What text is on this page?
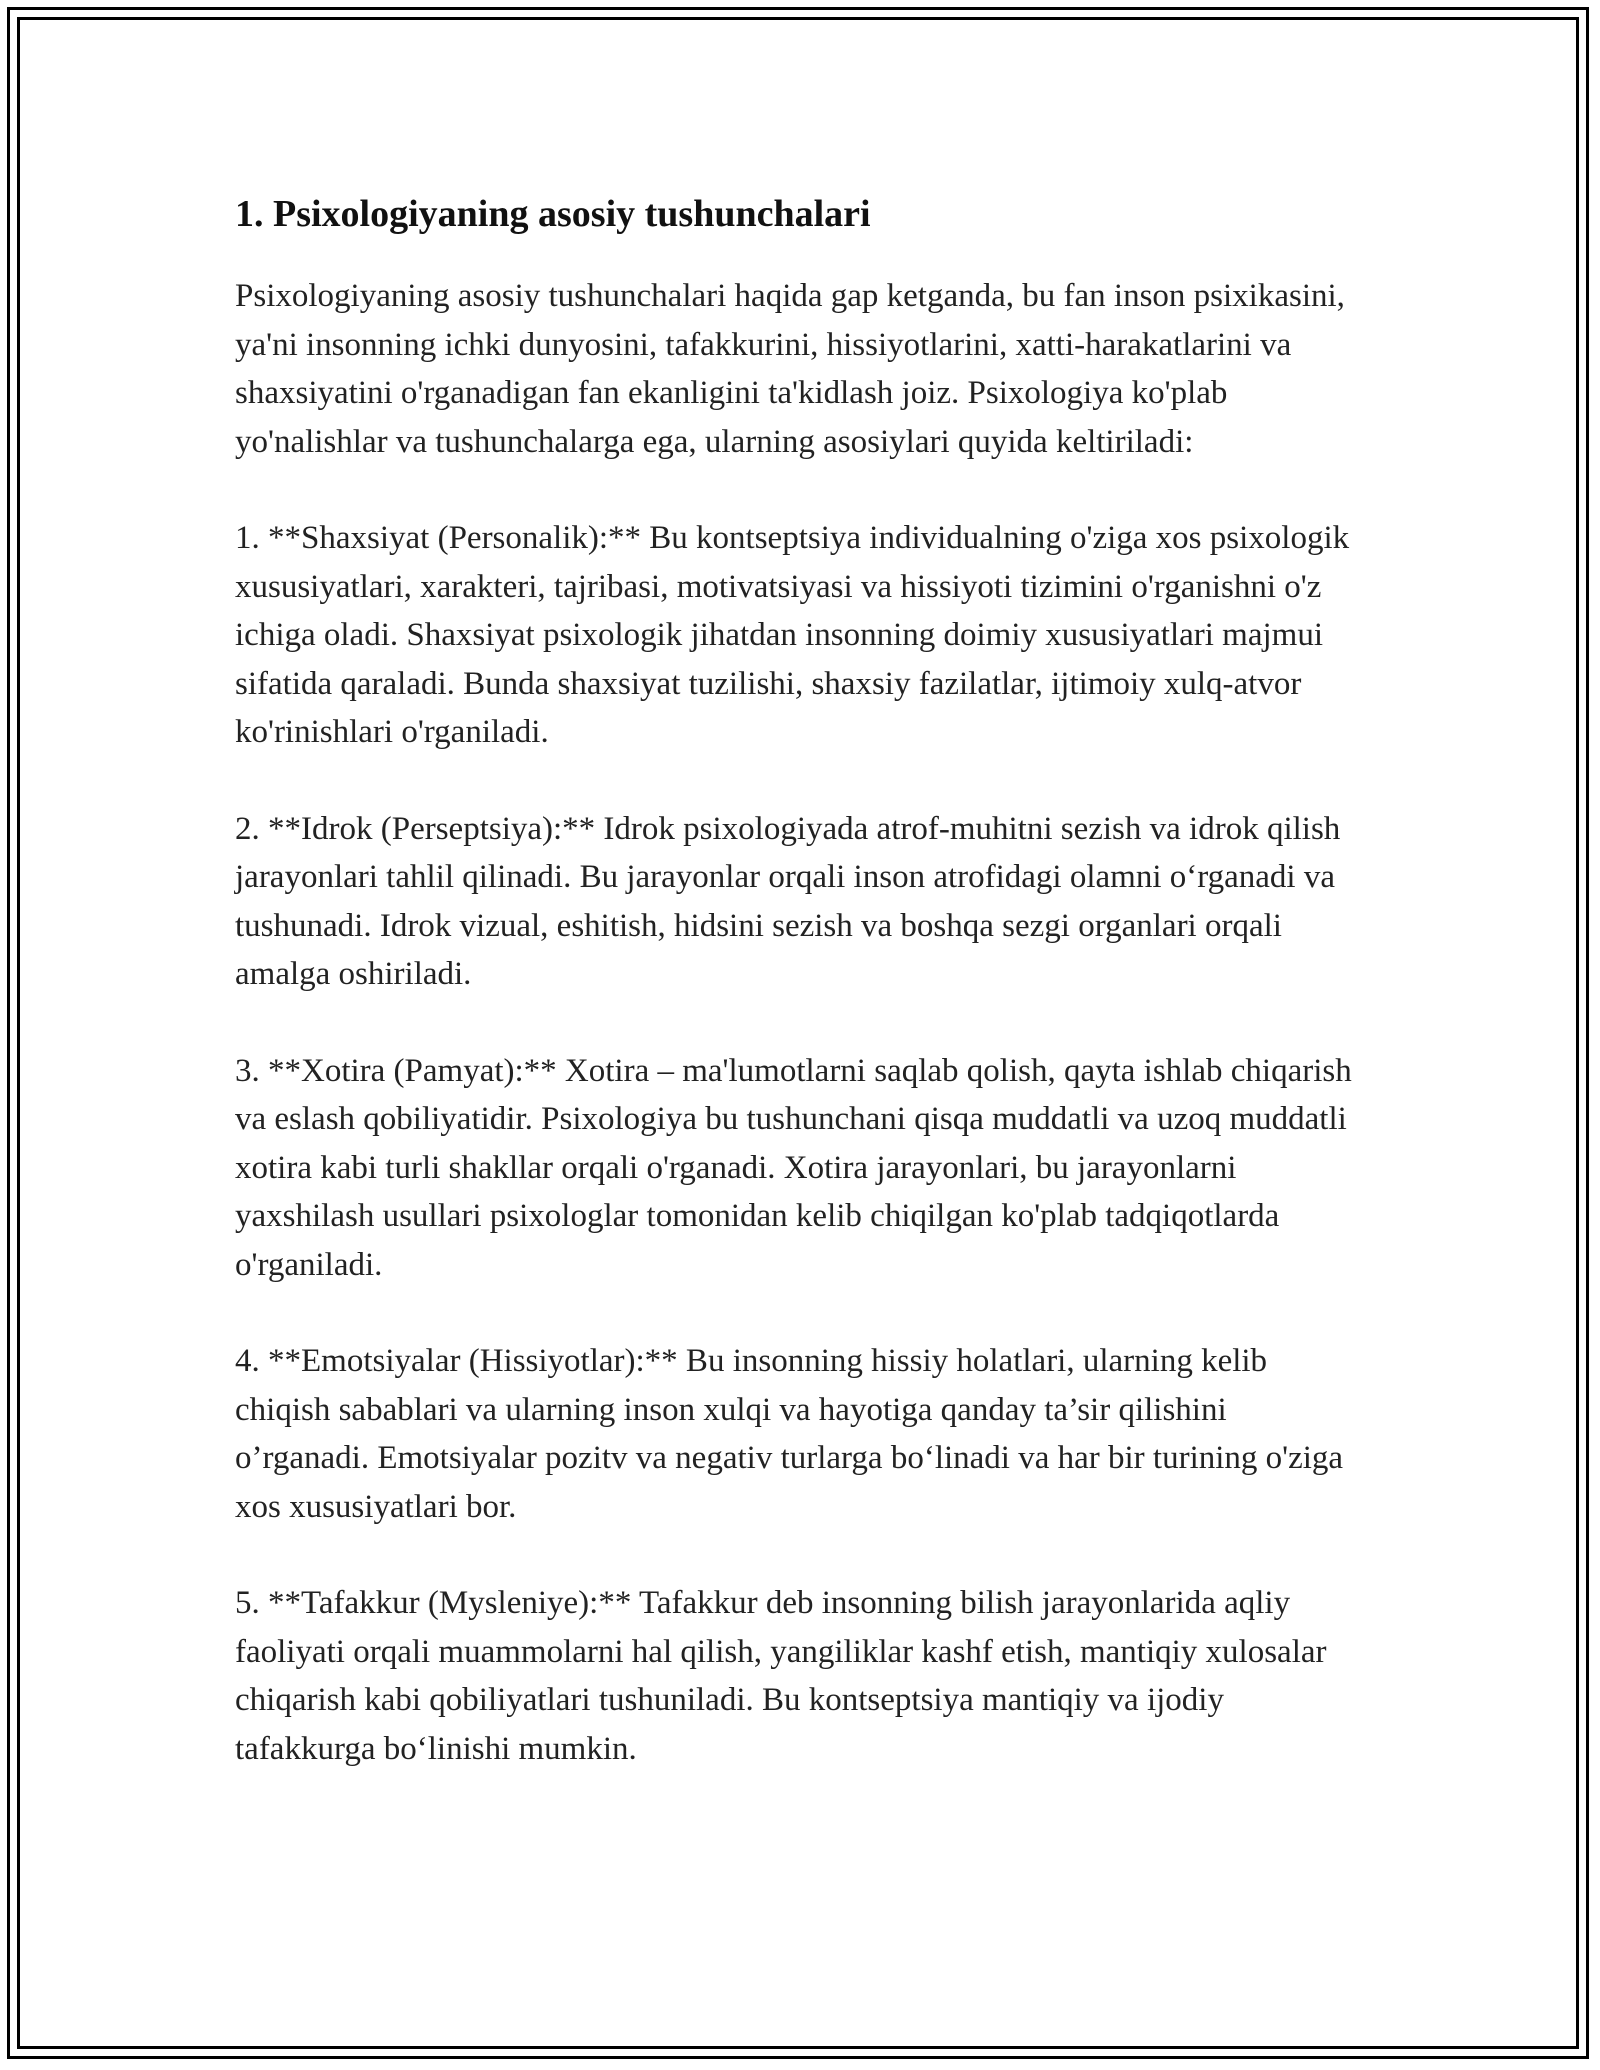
1. Psixologiyaning asosiy tushunchalari

Psixologiyaning asosiy tushunchalari haqida gap ketganda, bu fan inson psixikasini, ya'ni insonning ichki dunyosini, tafakkurini, hissiyotlarini, xatti-harakatlarini va shaxsiyatini o'rganadigan fan ekanligini ta'kidlash joiz. Psixologiya ko'plab yo'nalishlar va tushunchalarga ega, ularning asosiylari quyida keltiriladi:

1. **Shaxsiyat (Personalik):** Bu kontseptsiya individualning o'ziga xos psixologik xususiyatlari, xarakteri, tajribasi, motivatsiyasi va hissiyoti tizimini o'rganishni o'z ichiga oladi. Shaxsiyat psixologik jihatdan insonning doimiy xususiyatlari majmui sifatida qaraladi. Bunda shaxsiyat tuzilishi, shaxsiy fazilatlar, ijtimoiy xulq-atvor ko'rinishlari o'rganiladi.

2. **Idrok (Perseptsiya):** Idrok psixologiyada atrof-muhitni sezish va idrok qilish jarayonlari tahlil qilinadi. Bu jarayonlar orqali inson atrofidagi olamni o‘rganadi va tushunadi. Idrok vizual, eshitish, hidsini sezish va boshqa sezgi organlari orqali amalga oshiriladi.

3. **Xotira (Pamyat):** Xotira – ma'lumotlarni saqlab qolish, qayta ishlab chiqarish va eslash qobiliyatidir. Psixologiya bu tushunchani qisqa muddatli va uzoq muddatli xotira kabi turli shakllar orqali o'rganadi. Xotira jarayonlari, bu jarayonlarni yaxshilash usullari psixologlar tomonidan kelib chiqilgan ko'plab tadqiqotlarda o'rganiladi.

4. **Emotsiyalar (Hissiyotlar):** Bu insonning hissiy holatlari, ularning kelib chiqish sabablari va ularning inson xulqi va hayotiga qanday ta’sir qilishini o’rganadi. Emotsiyalar pozitv va negativ turlarga bo‘linadi va har bir turining o'ziga xos xususiyatlari bor.

5. **Tafakkur (Mysleniye):** Tafakkur deb insonning bilish jarayonlarida aqliy faoliyati orqali muammolarni hal qilish, yangiliklar kashf etish, mantiqiy xulosalar chiqarish kabi qobiliyatlari tushuniladi. Bu kontseptsiya mantiqiy va ijodiy tafakkurga bo‘linishi mumkin.
